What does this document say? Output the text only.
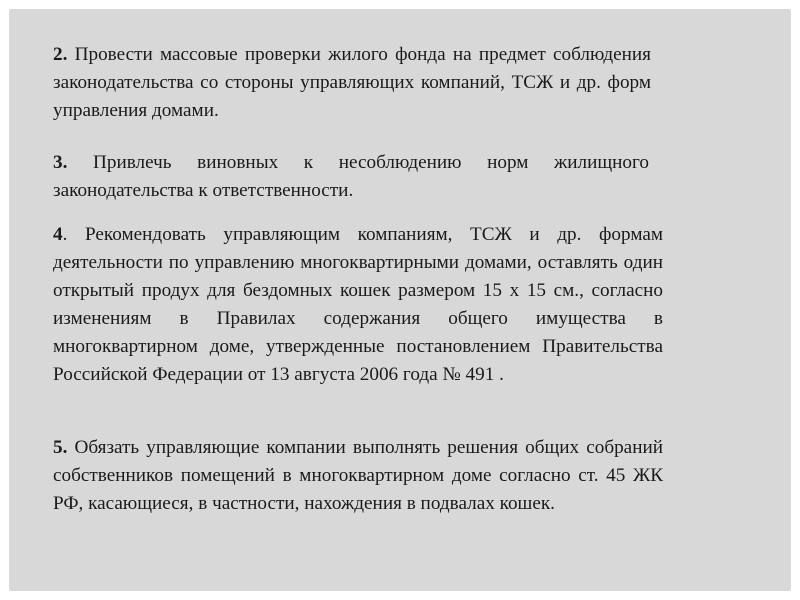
2. Провести массовые проверки жилого фонда на предмет соблюдения законодательства со стороны управляющих компаний, ТСЖ и др. форм управления домами.

3. Привлечь виновных к несоблюдению норм жилищного законодательства к ответственности.

4. Рекомендовать управляющим компаниям, ТСЖ и др. формам деятельности по управлению многоквартирными домами, оставлять один открытый продух для бездомных кошек размером 15 х 15 см., согласно изменениям в Правилах содержания общего имущества в многоквартирном доме, утвержденные постановлением Правительства Российской Федерации от 13 августа 2006 года № 491 .

5. Обязать управляющие компании выполнять решения общих собраний собственников помещений в многоквартирном доме согласно ст. 45 ЖК РФ, касающиеся, в частности, нахождения в подвалах кошек.
